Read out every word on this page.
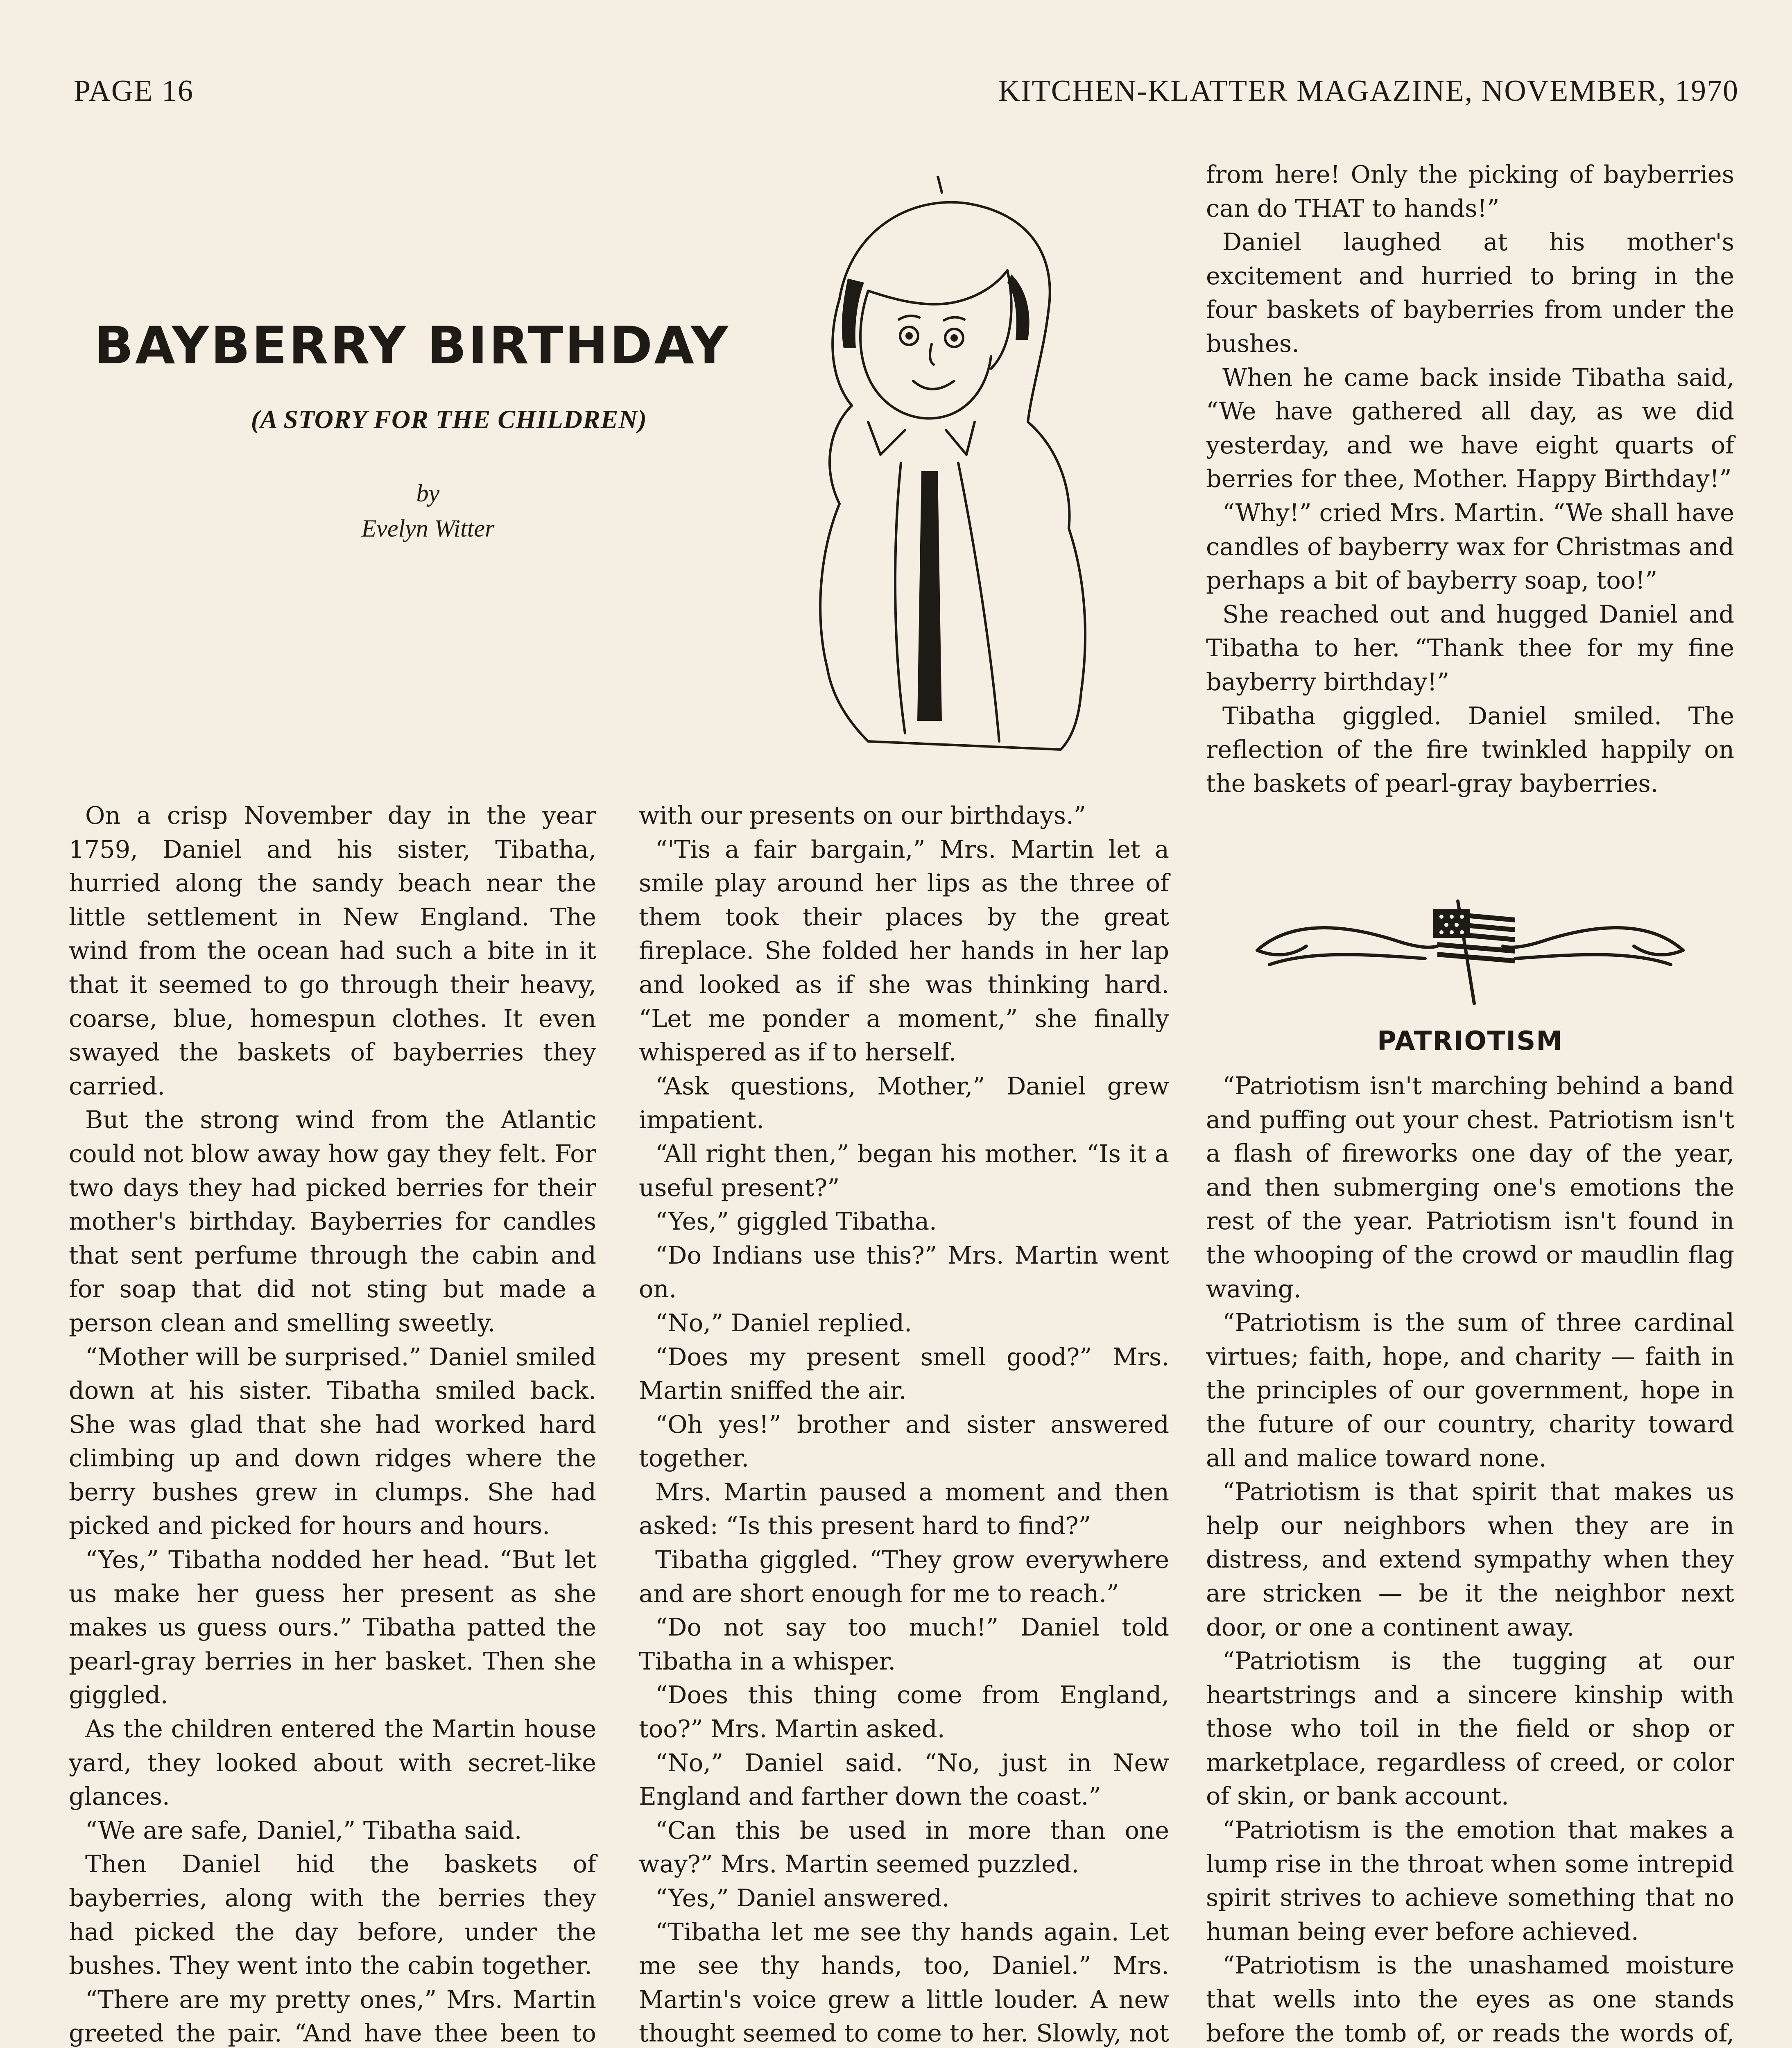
PAGE 16	KITCHEN-KLATTER MAGAZINE, NOVEMBER, 1970
BAYBERRY BIRTHDAY
(A STORY FOR THE CHILDREN)
by
Evelyn Witter

On a crisp November day in the year 1759, Daniel and his sister, Tibatha, hurried along the sandy beach near the little settlement in New England. The wind from the ocean had such a bite in it that it seemed to go through their heavy, coarse, blue, homespun clothes. It even swayed the baskets of bayberries they carried.

But the strong wind from the Atlantic could not blow away how gay they felt. For two days they had picked berries for their mother's birthday. Bayberries for candles that sent perfume through the cabin and for soap that did not sting but made a person clean and smelling sweetly.

“Mother will be surprised.” Daniel smiled down at his sister. Tibatha smiled back. She was glad that she had worked hard climbing up and down ridges where the berry bushes grew in clumps. She had picked and picked for hours and hours.

“Yes,” Tibatha nodded her head. “But let us make her guess her present as she makes us guess ours.” Tibatha patted the pearl-gray berries in her basket. Then she giggled.

As the children entered the Martin house yard, they looked about with secret-like glances.

“We are safe, Daniel,” Tibatha said.

Then Daniel hid the baskets of bayberries, along with the berries they had picked the day before, under the bushes. They went into the cabin together.

“There are my pretty ones,” Mrs. Martin greeted the pair. “And have thee been to

with our presents on our birthdays.”

“'Tis a fair bargain,” Mrs. Martin let a smile play around her lips as the three of them took their places by the great fireplace. She folded her hands in her lap and looked as if she was thinking hard. “Let me ponder a moment,” she finally whispered as if to herself.

“Ask questions, Mother,” Daniel grew impatient.

“All right then,” began his mother. “Is it a useful present?”

“Yes,” giggled Tibatha.

“Do Indians use this?” Mrs. Martin went on.

“No,” Daniel replied.

“Does my present smell good?” Mrs. Martin sniffed the air.

“Oh yes!” brother and sister answered together.

Mrs. Martin paused a moment and then asked: “Is this present hard to find?”

Tibatha giggled. “They grow everywhere and are short enough for me to reach.”

“Do not say too much!” Daniel told Tibatha in a whisper.

“Does this thing come from England, too?” Mrs. Martin asked.

“No,” Daniel said. “No, just in New England and farther down the coast.”

“Can this be used in more than one way?” Mrs. Martin seemed puzzled.

“Yes,” Daniel answered.

“Tibatha let me see thy hands again. Let me see thy hands, too, Daniel.” Mrs. Martin's voice grew a little louder. A new thought seemed to come to her. Slowly, not

from here! Only the picking of bayberries can do THAT to hands!”

Daniel laughed at his mother's excitement and hurried to bring in the four baskets of bayberries from under the bushes.

When he came back inside Tibatha said, “We have gathered all day, as we did yesterday, and we have eight quarts of berries for thee, Mother. Happy Birthday!”

“Why!” cried Mrs. Martin. “We shall have candles of bayberry wax for Christmas and perhaps a bit of bayberry soap, too!”

She reached out and hugged Daniel and Tibatha to her. “Thank thee for my fine bayberry birthday!”

Tibatha giggled. Daniel smiled. The reflection of the fire twinkled happily on the baskets of pearl-gray bayberries.

PATRIOTISM

“Patriotism isn't marching behind a band and puffing out your chest. Patriotism isn't a flash of fireworks one day of the year, and then submerging one's emotions the rest of the year. Patriotism isn't found in the whooping of the crowd or maudlin flag waving.

“Patriotism is the sum of three cardinal virtues; faith, hope, and charity — faith in the principles of our government, hope in the future of our country, charity toward all and malice toward none.

“Patriotism is that spirit that makes us help our neighbors when they are in distress, and extend sympathy when they are stricken — be it the neighbor next door, or one a continent away.

“Patriotism is the tugging at our heartstrings and a sincere kinship with those who toil in the field or shop or marketplace, regardless of creed, or color of skin, or bank account.

“Patriotism is the emotion that makes a lump rise in the throat when some intrepid spirit strives to achieve something that no human being ever before achieved.

“Patriotism is the unashamed moisture that wells into the eyes as one stands before the tomb of, or reads the words of,
